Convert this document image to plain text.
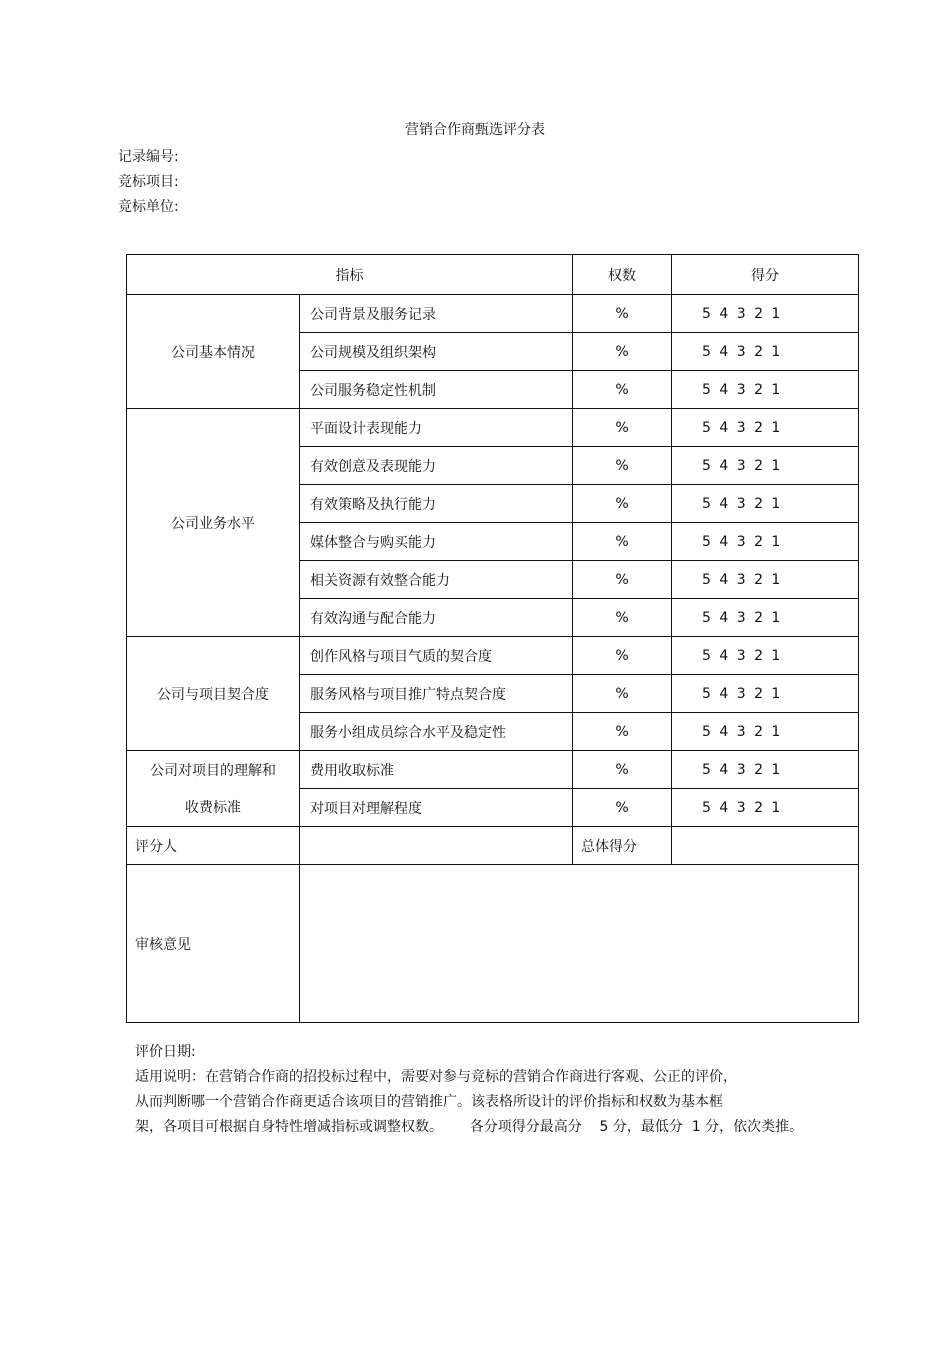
营销合作商甄选评分表
记录编号:
竞标项目:
竞标单位:
指标		权数	得分
公司基本情况	公司背景及服务记录	%	5 4 3 2 1
	公司规模及组织架构	%	5 4 3 2 1
	公司服务稳定性机制	%	5 4 3 2 1
公司业务水平	平面设计表现能力	%	5 4 3 2 1
	有效创意及表现能力	%	5 4 3 2 1
	有效策略及执行能力	%	5 4 3 2 1
	媒体整合与购买能力	%	5 4 3 2 1
	相关资源有效整合能力	%	5 4 3 2 1
	有效沟通与配合能力	%	5 4 3 2 1
公司与项目契合度	创作风格与项目气质的契合度	%	5 4 3 2 1
	服务风格与项目推广特点契合度	%	5 4 3 2 1
	服务小组成员综合水平及稳定性	%	5 4 3 2 1
公司对项目的理解和	费用收取标准	%	5 4 3 2 1
收费标准	对项目对理解程度	%	5 4 3 2 1
评分人		总体得分	
审核意见			
评价日期:
适用说明：在营销合作商的招投标过程中，需要对参与竞标的营销合作商进行客观、公正的评价，
从而判断哪一个营销合作商更适合该项目的营销推广。该表格所设计的评价指标和权数为基本框
架，各项目可根据自身特性增减指标或调整权数。      各分项得分最高分    5 分，最低分  1 分，依次类推。
